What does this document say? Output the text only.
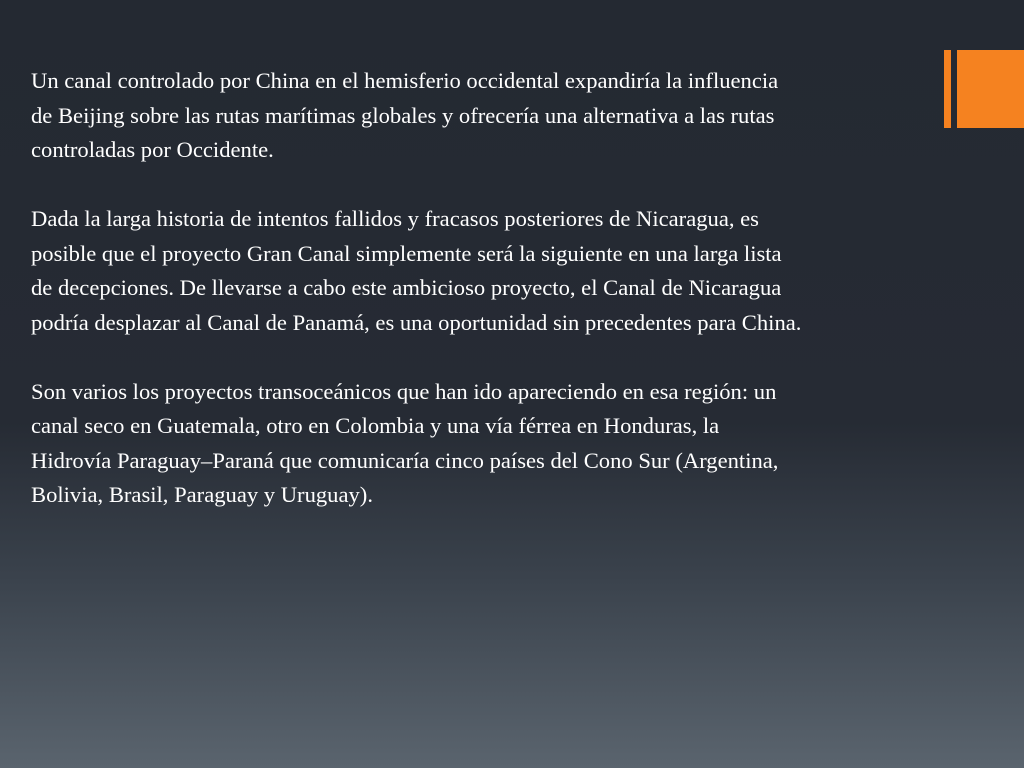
Un canal controlado por China en el hemisferio occidental expandiría la influencia
de Beijing sobre las rutas marítimas globales y ofrecería una alternativa a las rutas
controladas por Occidente.

Dada la larga historia de intentos fallidos y fracasos posteriores de Nicaragua, es
posible que el proyecto Gran Canal simplemente será la siguiente en una larga lista
de decepciones. De llevarse a cabo este ambicioso proyecto, el Canal de Nicaragua
podría desplazar al Canal de Panamá, es una oportunidad sin precedentes para China.

Son varios los proyectos transoceánicos que han ido apareciendo en esa región: un
canal seco en Guatemala, otro en Colombia y una vía férrea en Honduras, la
Hidrovía Paraguay–Paraná que comunicaría cinco países del Cono Sur (Argentina,
Bolivia, Brasil, Paraguay y Uruguay).
